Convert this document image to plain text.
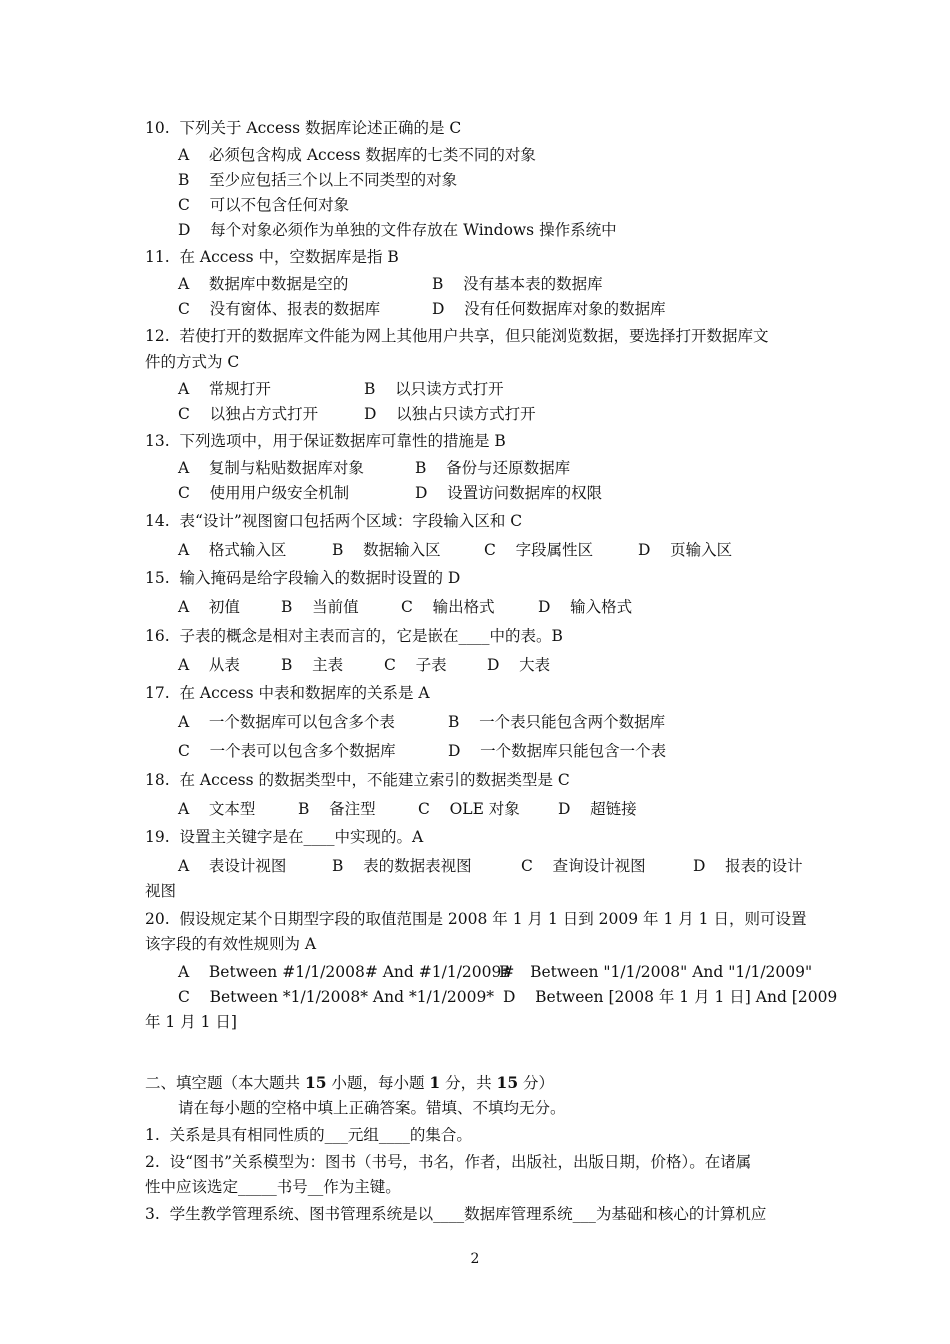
10.  下列关于 Access 数据库论述正确的是 C
A    必须包含构成 Access 数据库的七类不同的对象
B    至少应包括三个以上不同类型的对象
C    可以不包含任何对象
D    每个对象必须作为单独的文件存放在 Windows 操作系统中
11.  在 Access 中，空数据库是指 B

A    数据库中数据是空的

	B    没有基本表的数据库

C    没有窗体、报表的数据库

	D    没有任何数据库对象的数据库

12.  若使打开的数据库文件能为网上其他用户共享，但只能浏览数据，要选择打开数据库文
件的方式为 C

A    常规打开

	B    以只读方式打开

C    以独占方式打开

	D    以独占只读方式打开

13.  下列选项中，用于保证数据库可靠性的措施是 B

A    复制与粘贴数据库对象

	B    备份与还原数据库

C    使用用户级安全机制

	D    设置访问数据库的权限

14.  表“设计”视图窗口包括两个区域：字段输入区和 C

A    格式输入区

	B    数据输入区

	C    字段属性区

	D    页输入区

15.  输入掩码是给字段输入的数据时设置的 D

A    初值

	B    当前值

	C    输出格式

	D    输入格式

16.  子表的概念是相对主表而言的，它是嵌在____中的表。B

A    从表

	B    主表

	C    子表

	D    大表

17.  在 Access 中表和数据库的关系是 A

A    一个数据库可以包含多个表

	B    一个表只能包含两个数据库

C    一个表可以包含多个数据库

	D    一个数据库只能包含一个表

18.  在 Access 的数据类型中，不能建立索引的数据类型是 C

A    文本型

	B    备注型

	C    OLE 对象

D    超链接

19.  设置主关键字是在____中实现的。A

A    表设计视图

	B    表的数据表视图

	C    查询设计视图

	D    报表的设计

视图
20.  假设规定某个日期型字段的取值范围是 2008 年 1 月 1 日到 2009 年 1 月 1 日，则可设置
该字段的有效性规则为 A

A    Between #1/1/2008# And #1/1/2009#

B    Between "1/1/2008" And "1/1/2009"

C    Between *1/1/2008* And *1/1/2009*

D    Between [2008 年 1 月 1 日] And [2009

年 1 月 1 日]
二、填空题（本大题共 15 小题，每小题 1 分，共 15 分）
请在每小题的空格中填上正确答案。错填、不填均无分。
1.  关系是具有相同性质的___元组____的集合。
2.  设“图书”关系模型为：图书（书号，书名，作者，出版社，出版日期，价格）。在诸属
性中应该选定_____书号__作为主键。
3.  学生教学管理系统、图书管理系统是以____数据库管理系统___为基础和核心的计算机应
2
